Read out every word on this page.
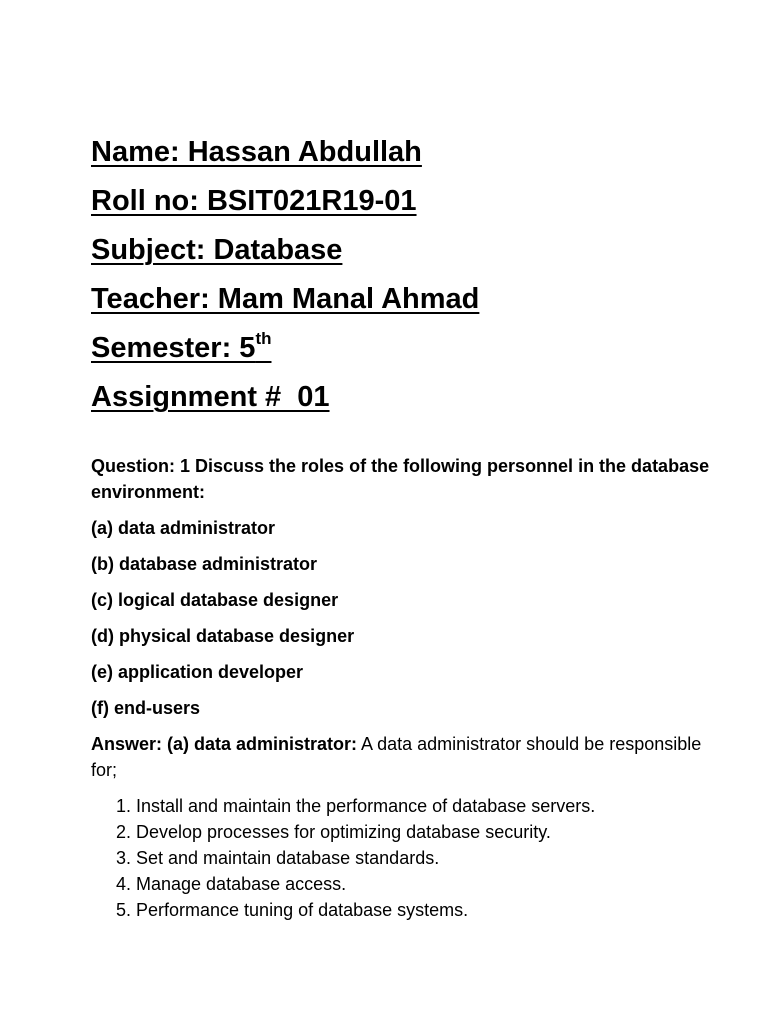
Name: Hassan Abdullah
Roll no: BSIT021R19-01
Subject: Database
Teacher: Mam Manal Ahmad
Semester: 5th
Assignment #  01
Question: 1 Discuss the roles of the following personnel in the database environment:
(a) data administrator
(b) database administrator
(c) logical database designer
(d) physical database designer
(e) application developer
(f) end-users
Answer: (a) data administrator: A data administrator should be responsible for;
1. Install and maintain the performance of database servers.
2. Develop processes for optimizing database security.
3. Set and maintain database standards.
4. Manage database access.
5. Performance tuning of database systems.
